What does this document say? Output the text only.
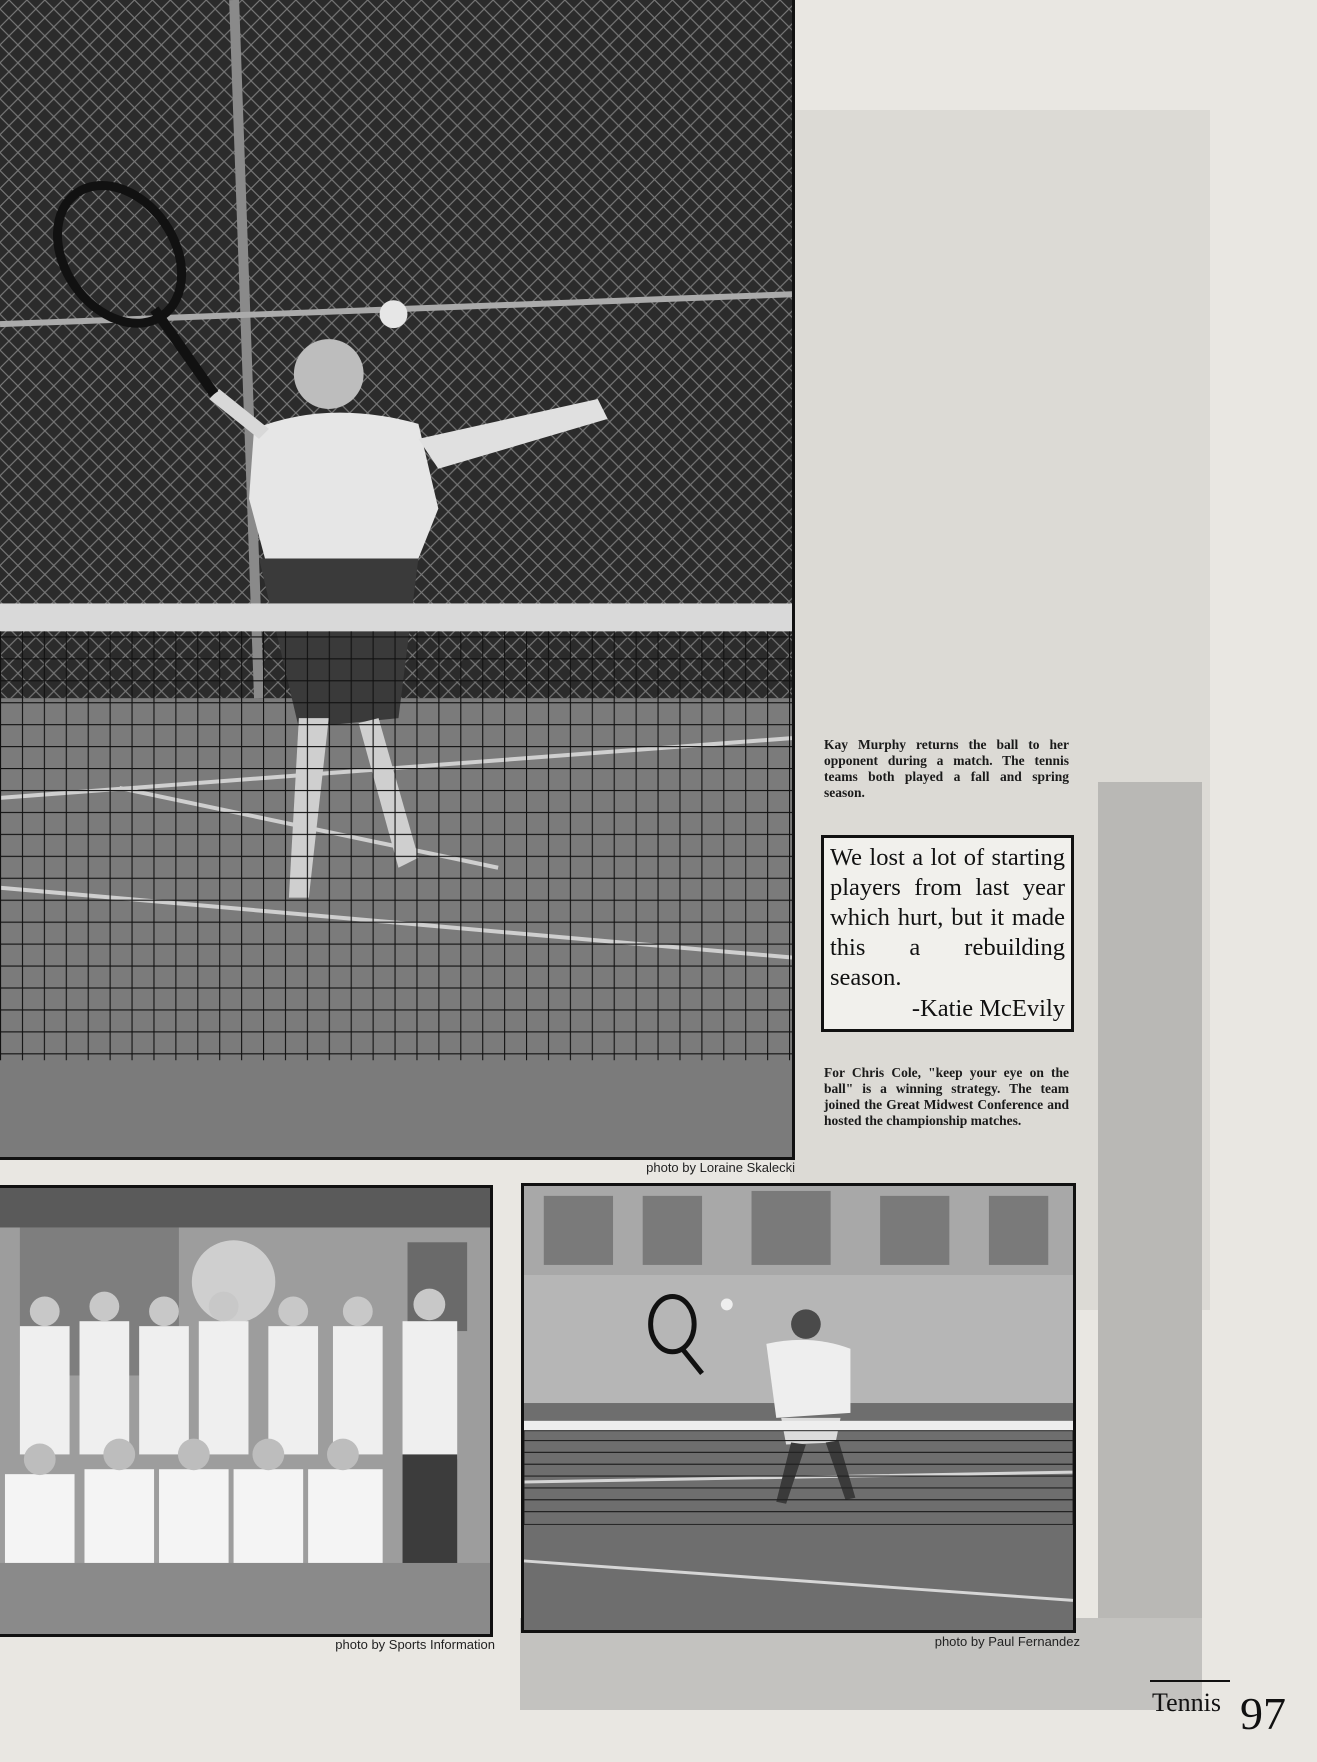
photo by Loraine Skalecki
Kay Murphy returns the ball to her opponent during a match. The tennis teams both played a fall and spring season.
We lost a lot of starting players from last year which hurt, but it made this a rebuilding season.
-Katie McEvily
For Chris Cole, "keep your eye on the ball" is a winning strategy. The team joined the Great Midwest Conference and hosted the championship matches.
photo by Sports Information	photo by Paul Fernandez
Tennis 97
